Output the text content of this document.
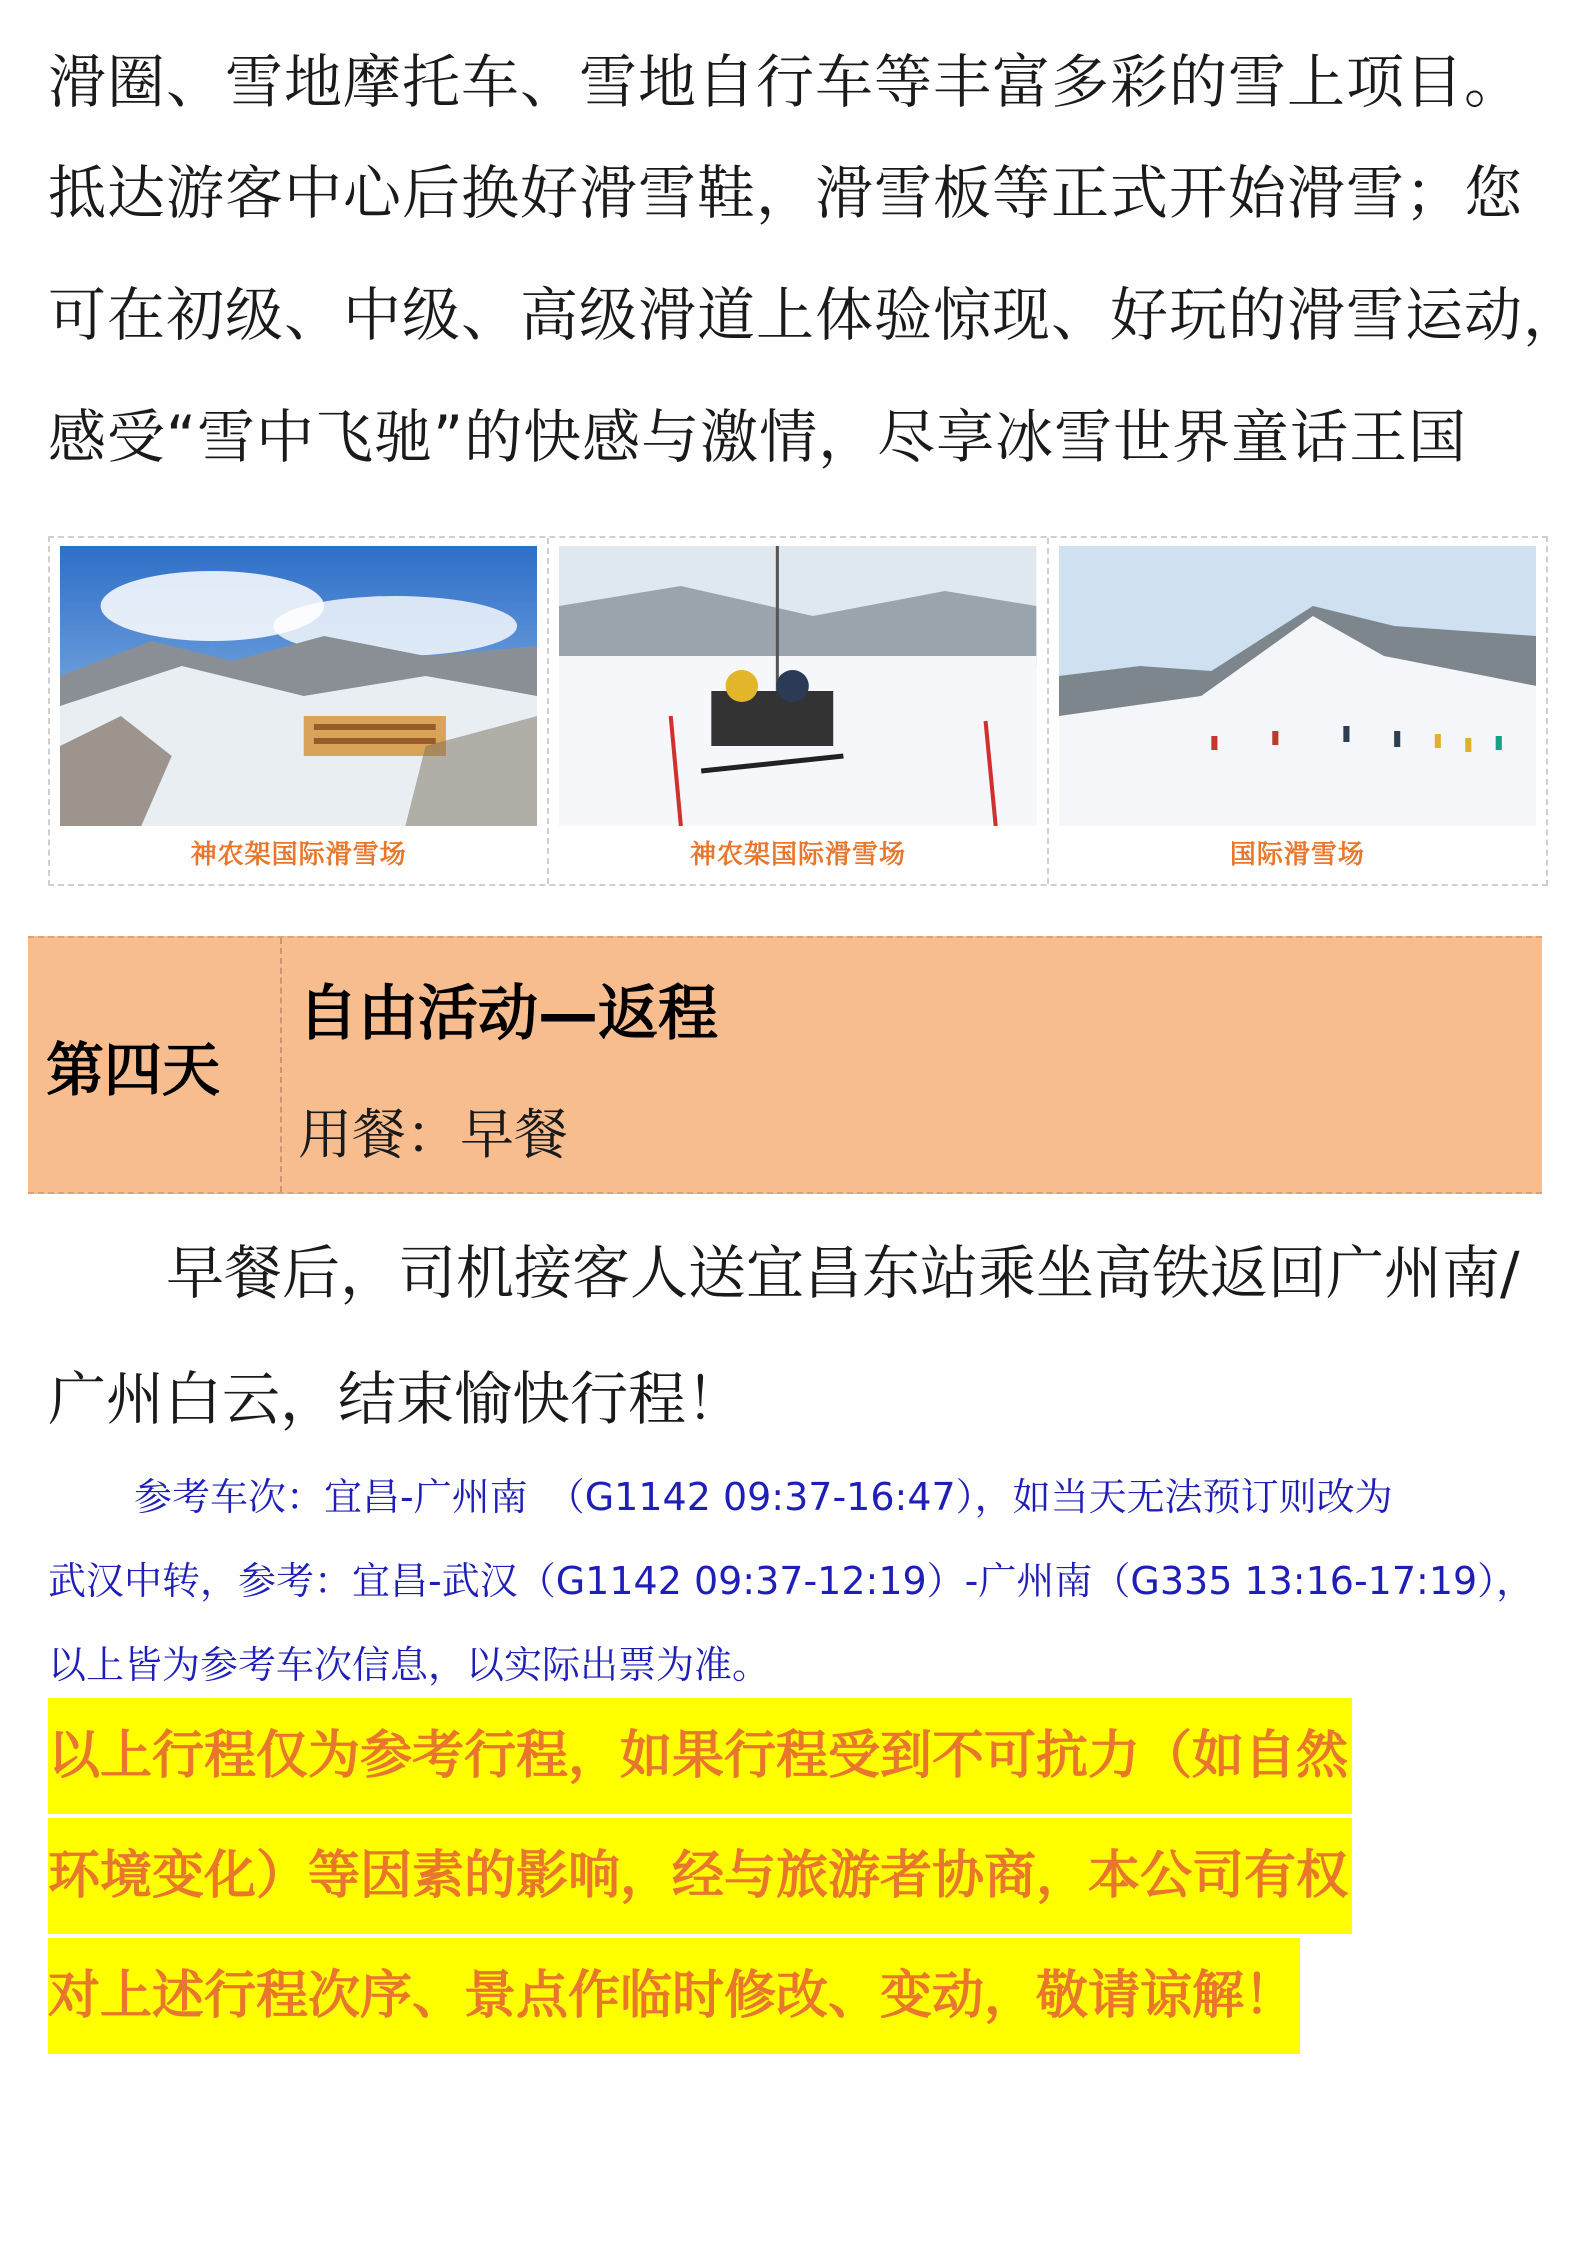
滑圈、雪地摩托车、雪地自行车等丰富多彩的雪上项目。

抵达游客中心后换好滑雪鞋，滑雪板等正式开始滑雪；您

可在初级、中级、高级滑道上体验惊现、好玩的滑雪运动，

感受“雪中飞驰”的快感与激情，尽享冰雪世界童话王国

神农架国际滑雪场	神农架国际滑雪场	国际滑雪场
第四天
自由活动—返程
用餐：早餐

早餐后，司机接客人送宜昌东站乘坐高铁返回广州南/

广州白云，结束愉快行程！

参考车次：宜昌-广州南　（G1142 09:37-16:47），如当天无法预订则改为

武汉中转，参考：宜昌-武汉（G1142 09:37-12:19）-广州南（G335 13:16-17:19），

以上皆为参考车次信息，以实际出票为准。

以上行程仅为参考行程，如果行程受到不可抗力（如自然
环境变化）等因素的影响，经与旅游者协商，本公司有权
对上述行程次序、景点作临时修改、变动，敬请谅解！
